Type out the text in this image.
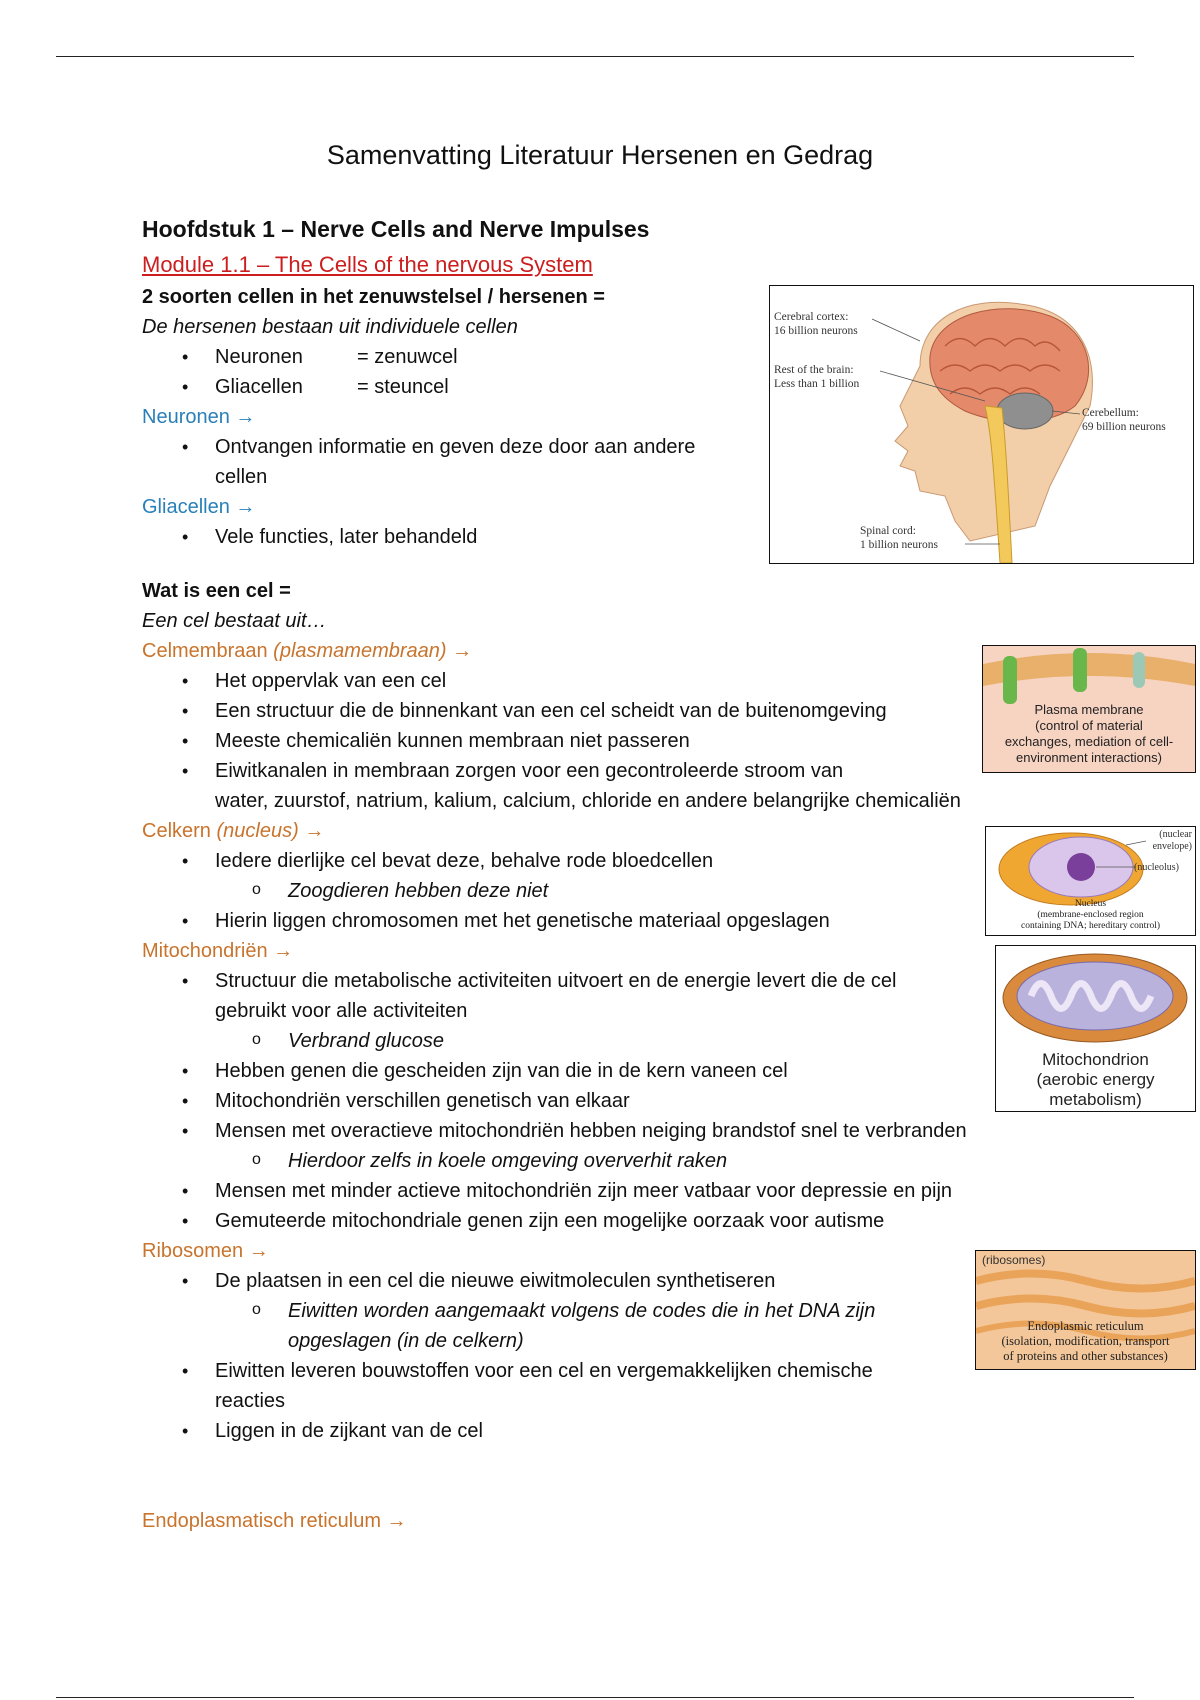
Samenvatting Literatuur Hersenen en Gedrag
Hoofdstuk 1 – Nerve Cells and Nerve Impulses
Module 1.1 – The Cells of the nervous System
2 soorten cellen in het zenuwstelsel / hersenen =
De hersenen bestaan uit individuele cellen
• Neuronen	= zenuwcel
• Gliacellen	= steuncel
Neuronen →
• Ontvangen informatie en geven deze door aan andere
cellen
Gliacellen →
• Vele functies, later behandeld
Wat is een cel =
Een cel bestaat uit…
Celmembraan (plasmamembraan) →
• Het oppervlak van een cel
• Een structuur die de binnenkant van een cel scheidt van de buitenomgeving
• Meeste chemicaliën kunnen membraan niet passeren
• Eiwitkanalen in membraan zorgen voor een gecontroleerde stroom van
water, zuurstof, natrium, kalium, calcium, chloride en andere belangrijke chemicaliën
Celkern (nucleus) →
• Iedere dierlijke cel bevat deze, behalve rode bloedcellen
o Zoogdieren hebben deze niet
• Hierin liggen chromosomen met het genetische materiaal opgeslagen
Mitochondriën →
• Structuur die metabolische activiteiten uitvoert en de energie levert die de cel
gebruikt voor alle activiteiten
o Verbrand glucose
• Hebben genen die gescheiden zijn van die in de kern vaneen cel
• Mitochondriën verschillen genetisch van elkaar
• Mensen met overactieve mitochondriën hebben neiging brandstof snel te verbranden
o Hierdoor zelfs in koele omgeving oververhit raken
• Mensen met minder actieve mitochondriën zijn meer vatbaar voor depressie en pijn
• Gemuteerde mitochondriale genen zijn een mogelijke oorzaak voor autisme
Ribosomen →
• De plaatsen in een cel die nieuwe eiwitmoleculen synthetiseren
o Eiwitten worden aangemaakt volgens de codes die in het DNA zijn
opgeslagen (in de celkern)
• Eiwitten leveren bouwstoffen voor een cel en vergemakkelijken chemische
reacties
• Liggen in de zijkant van de cel
Endoplasmatisch reticulum →
Cerebral cortex:
16 billion neurons
Rest of the brain:
Less than 1 billion
Cerebellum:
69 billion neurons
Spinal cord:
1 billion neurons
Plasma membrane
(control of material
exchanges, mediation of cell-
environment interactions)
(nuclear
envelope)
(nucleolus)
Nucleus
(membrane-enclosed region
containing DNA; hereditary control)
Mitochondrion
(aerobic energy
metabolism)
(ribosomes)
Endoplasmic reticulum
(isolation, modification, transport
of proteins and other substances)
